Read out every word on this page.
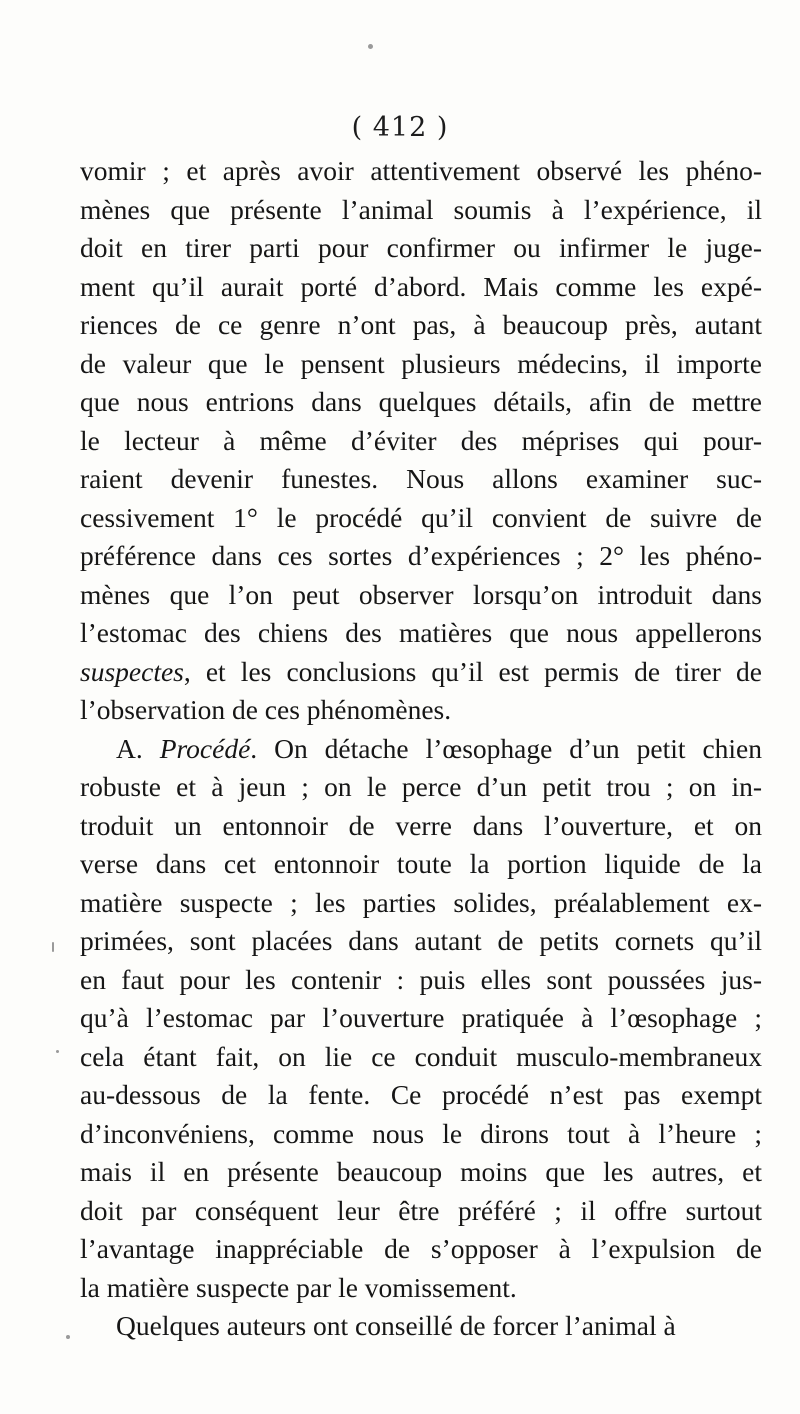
( 412 )
vomir ; et après avoir attentivement observé les phéno-
mènes que présente l’animal soumis à l’expérience, il
doit en tirer parti pour confirmer ou infirmer le juge-
ment qu’il aurait porté d’abord. Mais comme les expé-
riences de ce genre n’ont pas, à beaucoup près, autant
de valeur que le pensent plusieurs médecins, il importe
que nous entrions dans quelques détails, afin de mettre
le lecteur à même d’éviter des méprises qui pour-
raient devenir funestes. Nous allons examiner suc-
cessivement 1° le procédé qu’il convient de suivre de
préférence dans ces sortes d’expériences ; 2° les phéno-
mènes que l’on peut observer lorsqu’on introduit dans
l’estomac des chiens des matières que nous appellerons
suspectes, et les conclusions qu’il est permis de tirer de
l’observation de ces phénomènes.
A. Procédé. On détache l’œsophage d’un petit chien
robuste et à jeun ; on le perce d’un petit trou ; on in-
troduit un entonnoir de verre dans l’ouverture, et on
verse dans cet entonnoir toute la portion liquide de la
matière suspecte ; les parties solides, préalablement ex-
primées, sont placées dans autant de petits cornets qu’il
en faut pour les contenir : puis elles sont poussées jus-
qu’à l’estomac par l’ouverture pratiquée à l’œsophage ;
cela étant fait, on lie ce conduit musculo-membraneux
au-dessous de la fente. Ce procédé n’est pas exempt
d’inconvéniens, comme nous le dirons tout à l’heure ;
mais il en présente beaucoup moins que les autres, et
doit par conséquent leur être préféré ; il offre surtout
l’avantage inappréciable de s’opposer à l’expulsion de
la matière suspecte par le vomissement.
Quelques auteurs ont conseillé de forcer l’animal à
